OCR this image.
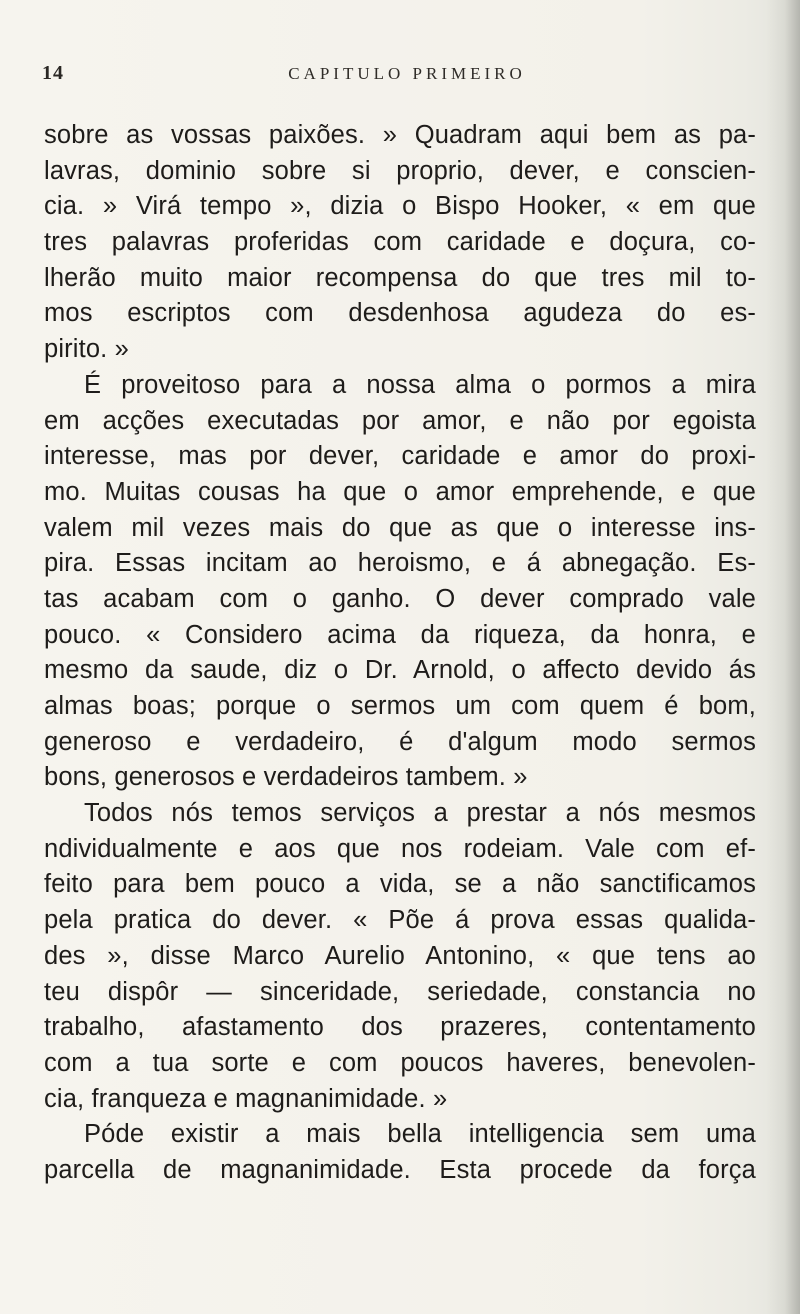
14	CAPITULO PRIMEIRO
sobre as vossas paixões. » Quadram aqui bem as pa-
lavras, dominio sobre si proprio, dever, e conscien-
cia. » Virá tempo », dizia o Bispo Hooker, « em que
tres palavras proferidas com caridade e doçura, co-
lherão muito maior recompensa do que tres mil to-
mos escriptos com desdenhosa agudeza do es-
pirito. »
É proveitoso para a nossa alma o pormos a mira
em acções executadas por amor, e não por egoista
interesse, mas por dever, caridade e amor do proxi-
mo. Muitas cousas ha que o amor emprehende, e que
valem mil vezes mais do que as que o interesse ins-
pira. Essas incitam ao heroismo, e á abnegação. Es-
tas acabam com o ganho. O dever comprado vale
pouco. « Considero acima da riqueza, da honra, e
mesmo da saude, diz o Dr. Arnold, o affecto devido ás
almas boas; porque o sermos um com quem é bom,
generoso e verdadeiro, é d'algum modo sermos
bons, generosos e verdadeiros tambem. »
Todos nós temos serviços a prestar a nós mesmos
ndividualmente e aos que nos rodeiam. Vale com ef-
feito para bem pouco a vida, se a não sanctificamos
pela pratica do dever. « Põe á prova essas qualida-
des », disse Marco Aurelio Antonino, « que tens ao
teu dispôr — sinceridade, seriedade, constancia no
trabalho, afastamento dos prazeres, contentamento
com a tua sorte e com poucos haveres, benevolen-
cia, franqueza e magnanimidade. »
Póde existir a mais bella intelligencia sem uma
parcella de magnanimidade. Esta procede da força
